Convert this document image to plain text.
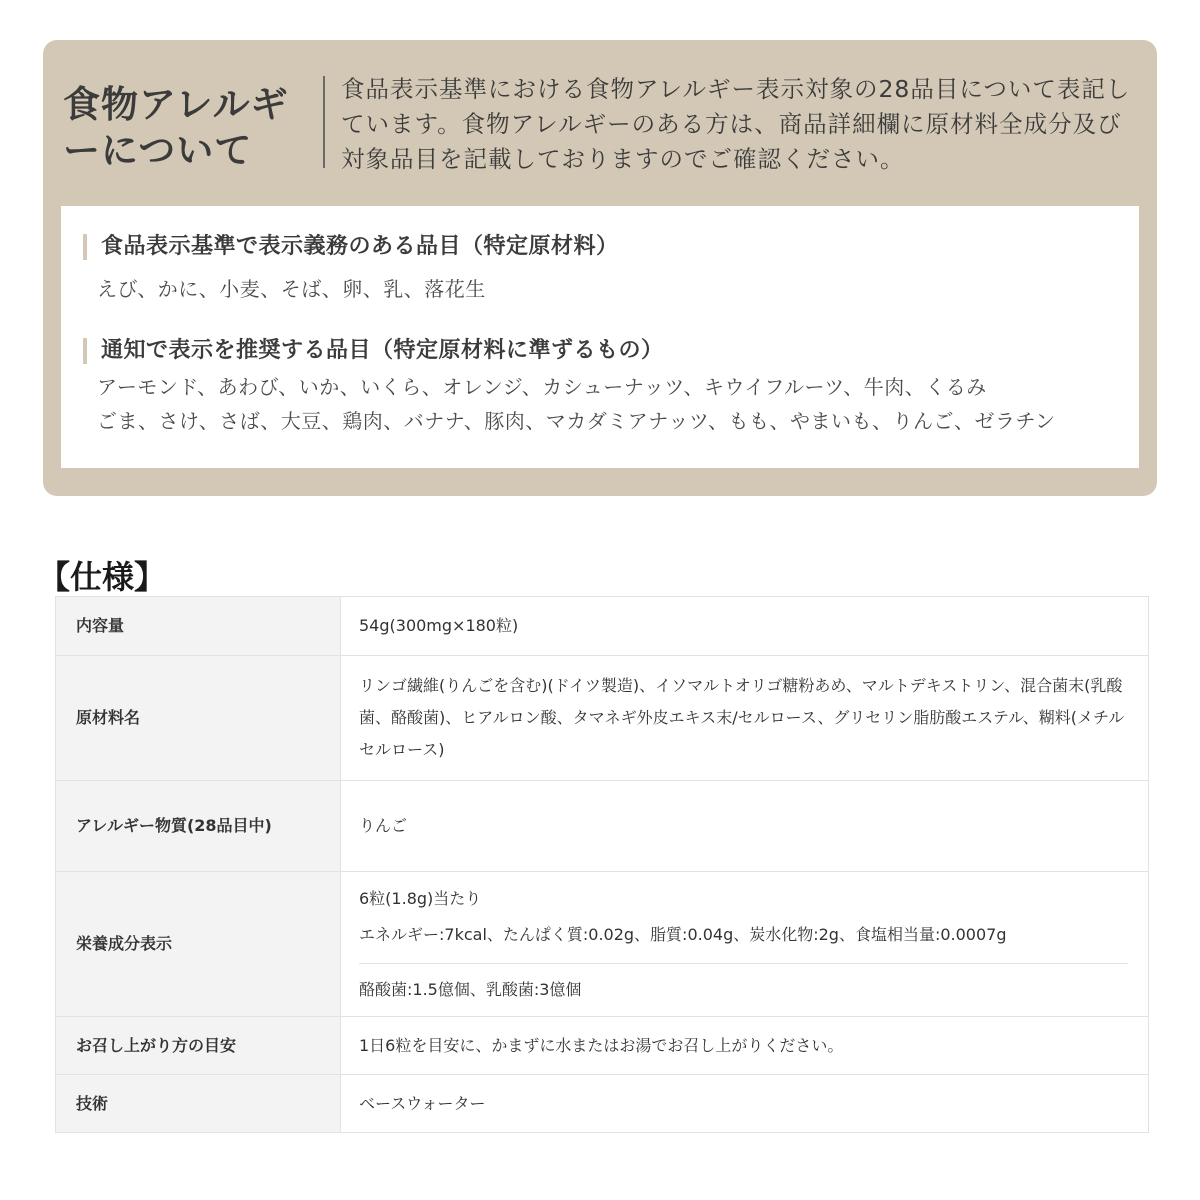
食物アレルギーについて
食品表示基準における食物アレルギー表示対象の28品目について表記しています。食物アレルギーのある方は、商品詳細欄に原材料全成分及び対象品目を記載しておりますのでご確認ください。
食品表示基準で表示義務のある品目（特定原材料）
えび、かに、小麦、そば、卵、乳、落花生
通知で表示を推奨する品目（特定原材料に準ずるもの）
アーモンド、あわび、いか、いくら、オレンジ、カシューナッツ、キウイフルーツ、牛肉、くるみ
ごま、さけ、さば、大豆、鶏肉、バナナ、豚肉、マカダミアナッツ、もも、やまいも、りんご、ゼラチン
【仕様】
内容量	54g(300mg×180粒)
原材料名	リンゴ繊維(りんごを含む)(ドイツ製造)、イソマルトオリゴ糖粉あめ、マルトデキストリン、混合菌末(乳酸菌、酪酸菌)、ヒアルロン酸、タマネギ外皮エキス末/セルロース、グリセリン脂肪酸エステル、糊料(メチルセルロース)
アレルギー物質(28品目中)	りんご
栄養成分表示	6粒(1.8g)当たり
エネルギー:7kcal、たんぱく質:0.02g、脂質:0.04g、炭水化物:2g、食塩相当量:0.0007g
酪酸菌:1.5億個、乳酸菌:3億個

お召し上がり方の目安	1日6粒を目安に、かまずに水またはお湯でお召し上がりください。
技術	ベースウォーター
